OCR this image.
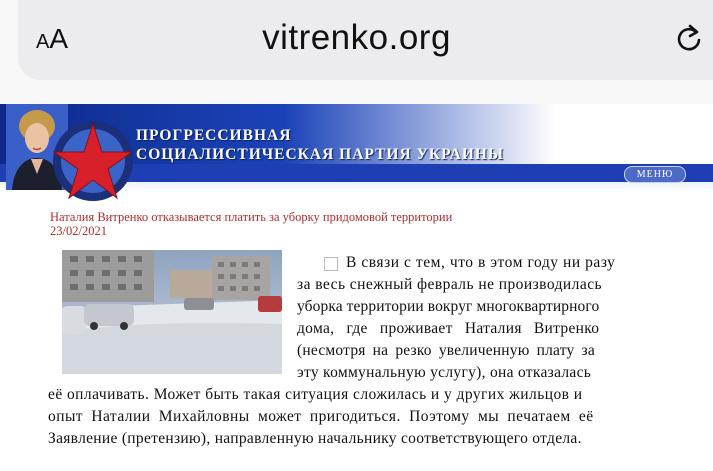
AA	vitrenko.org
ПРОГРЕССИВНАЯ
СОЦИАЛИСТИЧЕСКАЯ ПАРТИЯ УКРАИНЫ
МЕНЮ
Наталия Витренко отказывается платить за уборку придомовой территории
23/02/2021
В связи с тем, что в этом году ни разу
за весь снежный февраль не производилась
уборка территории вокруг многоквартирного
дома, где проживает Наталия Витренко
(несмотря на резко увеличенную плату за
эту коммунальную услугу), она отказалась
её оплачивать. Может быть такая ситуация сложилась и у других жильцов и
опыт Наталии Михайловны может пригодиться. Поэтому мы печатаем её
Заявление (претензию), направленную начальнику соответствующего отдела.
